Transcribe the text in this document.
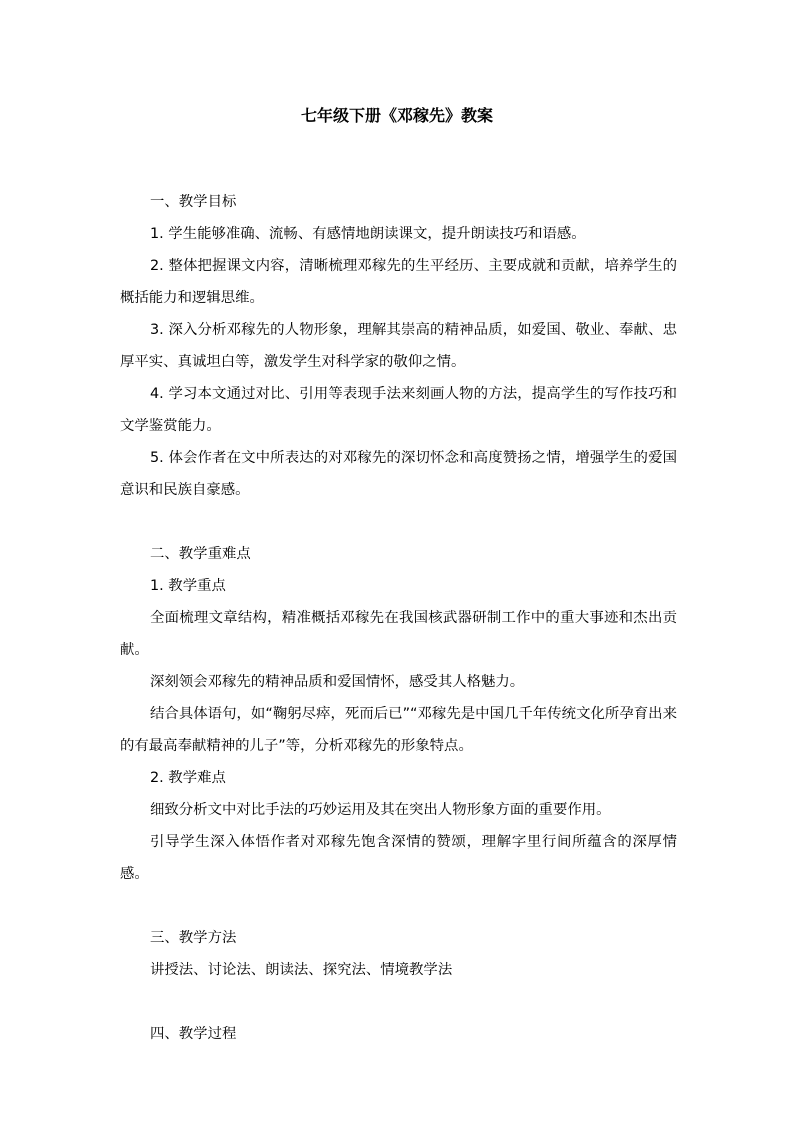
七年级下册《邓稼先》教案
一、教学目标

1. 学生能够准确、流畅、有感情地朗读课文，提升朗读技巧和语感。

2. 整体把握课文内容，清晰梳理邓稼先的生平经历、主要成就和贡献，培养学生的概括能力和逻辑思维。

3. 深入分析邓稼先的人物形象，理解其崇高的精神品质，如爱国、敬业、奉献、忠厚平实、真诚坦白等，激发学生对科学家的敬仰之情。

4. 学习本文通过对比、引用等表现手法来刻画人物的方法，提高学生的写作技巧和文学鉴赏能力。

5. 体会作者在文中所表达的对邓稼先的深切怀念和高度赞扬之情，增强学生的爱国意识和民族自豪感。

二、教学重难点

1. 教学重点

全面梳理文章结构，精准概括邓稼先在我国核武器研制工作中的重大事迹和杰出贡献。

深刻领会邓稼先的精神品质和爱国情怀，感受其人格魅力。

结合具体语句，如“鞠躬尽瘁，死而后已”“邓稼先是中国几千年传统文化所孕育出来的有最高奉献精神的儿子”等，分析邓稼先的形象特点。

2. 教学难点

细致分析文中对比手法的巧妙运用及其在突出人物形象方面的重要作用。

引导学生深入体悟作者对邓稼先饱含深情的赞颂，理解字里行间所蕴含的深厚情感。

三、教学方法

讲授法、讨论法、朗读法、探究法、情境教学法

四、教学过程
